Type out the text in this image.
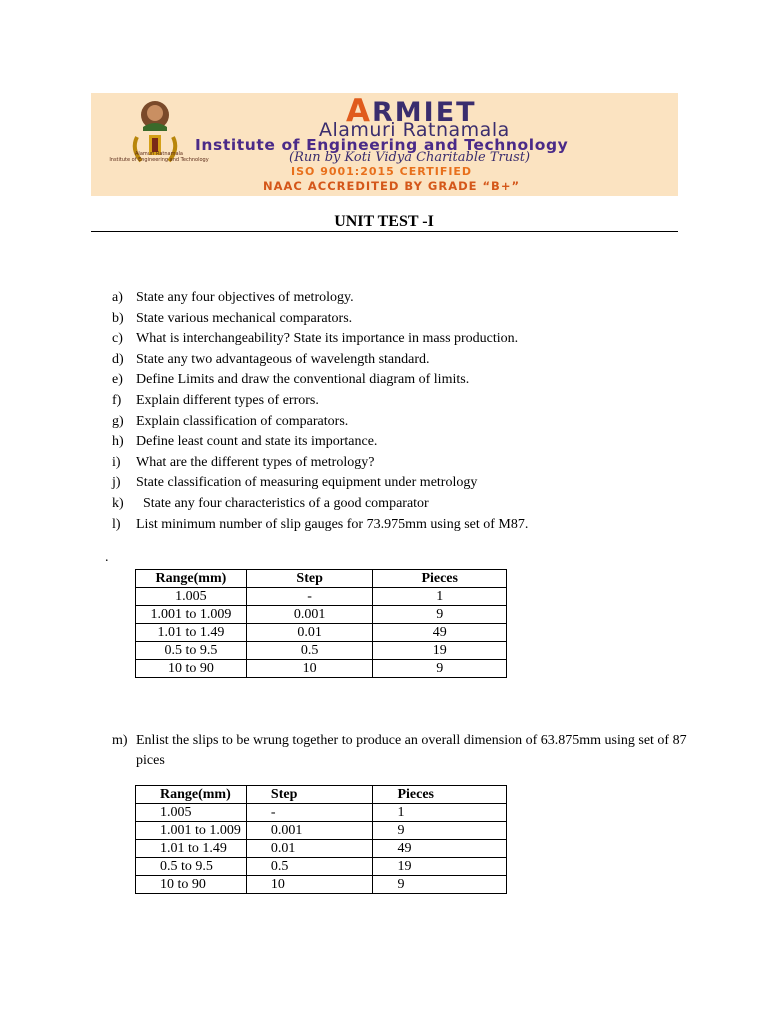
Alamuri Ratnamala
Institute of Engineering and Technology
ARMIET
Alamuri Ratnamala
Institute of Engineering and Technology
(Run by Koti Vidya Charitable Trust)
ISO 9001:2015 CERTIFIED
NAAC ACCREDITED BY GRADE “B+”
UNIT TEST -I
a) State any four objectives of metrology.
b) State various mechanical comparators.
c) What is interchangeability? State its importance in mass production.
d) State any two advantageous of wavelength standard.
e) Define Limits and draw the conventional diagram of limits.
f) Explain different types of errors.
g) Explain classification of comparators.
h) Define least count and state its importance.
i) What are the different types of metrology?
j) State classification of measuring equipment under metrology
k) State any four characteristics of a good comparator
l) List minimum number of slip gauges for 73.975mm using set of M87.
.
Range(mm)	Step	Pieces
1.005	-	1
1.001 to 1.009	0.001	9
1.01 to 1.49	0.01	49
0.5 to 9.5	0.5	19
10 to 90	10	9
m) Enlist the slips to be wrung together to produce an overall dimension of 63.875mm using set of 87 pices
Range(mm)	Step	Pieces
1.005	-	1
1.001 to 1.009	0.001	9
1.01 to 1.49	0.01	49
0.5 to 9.5	0.5	19
10 to 90	10	9
